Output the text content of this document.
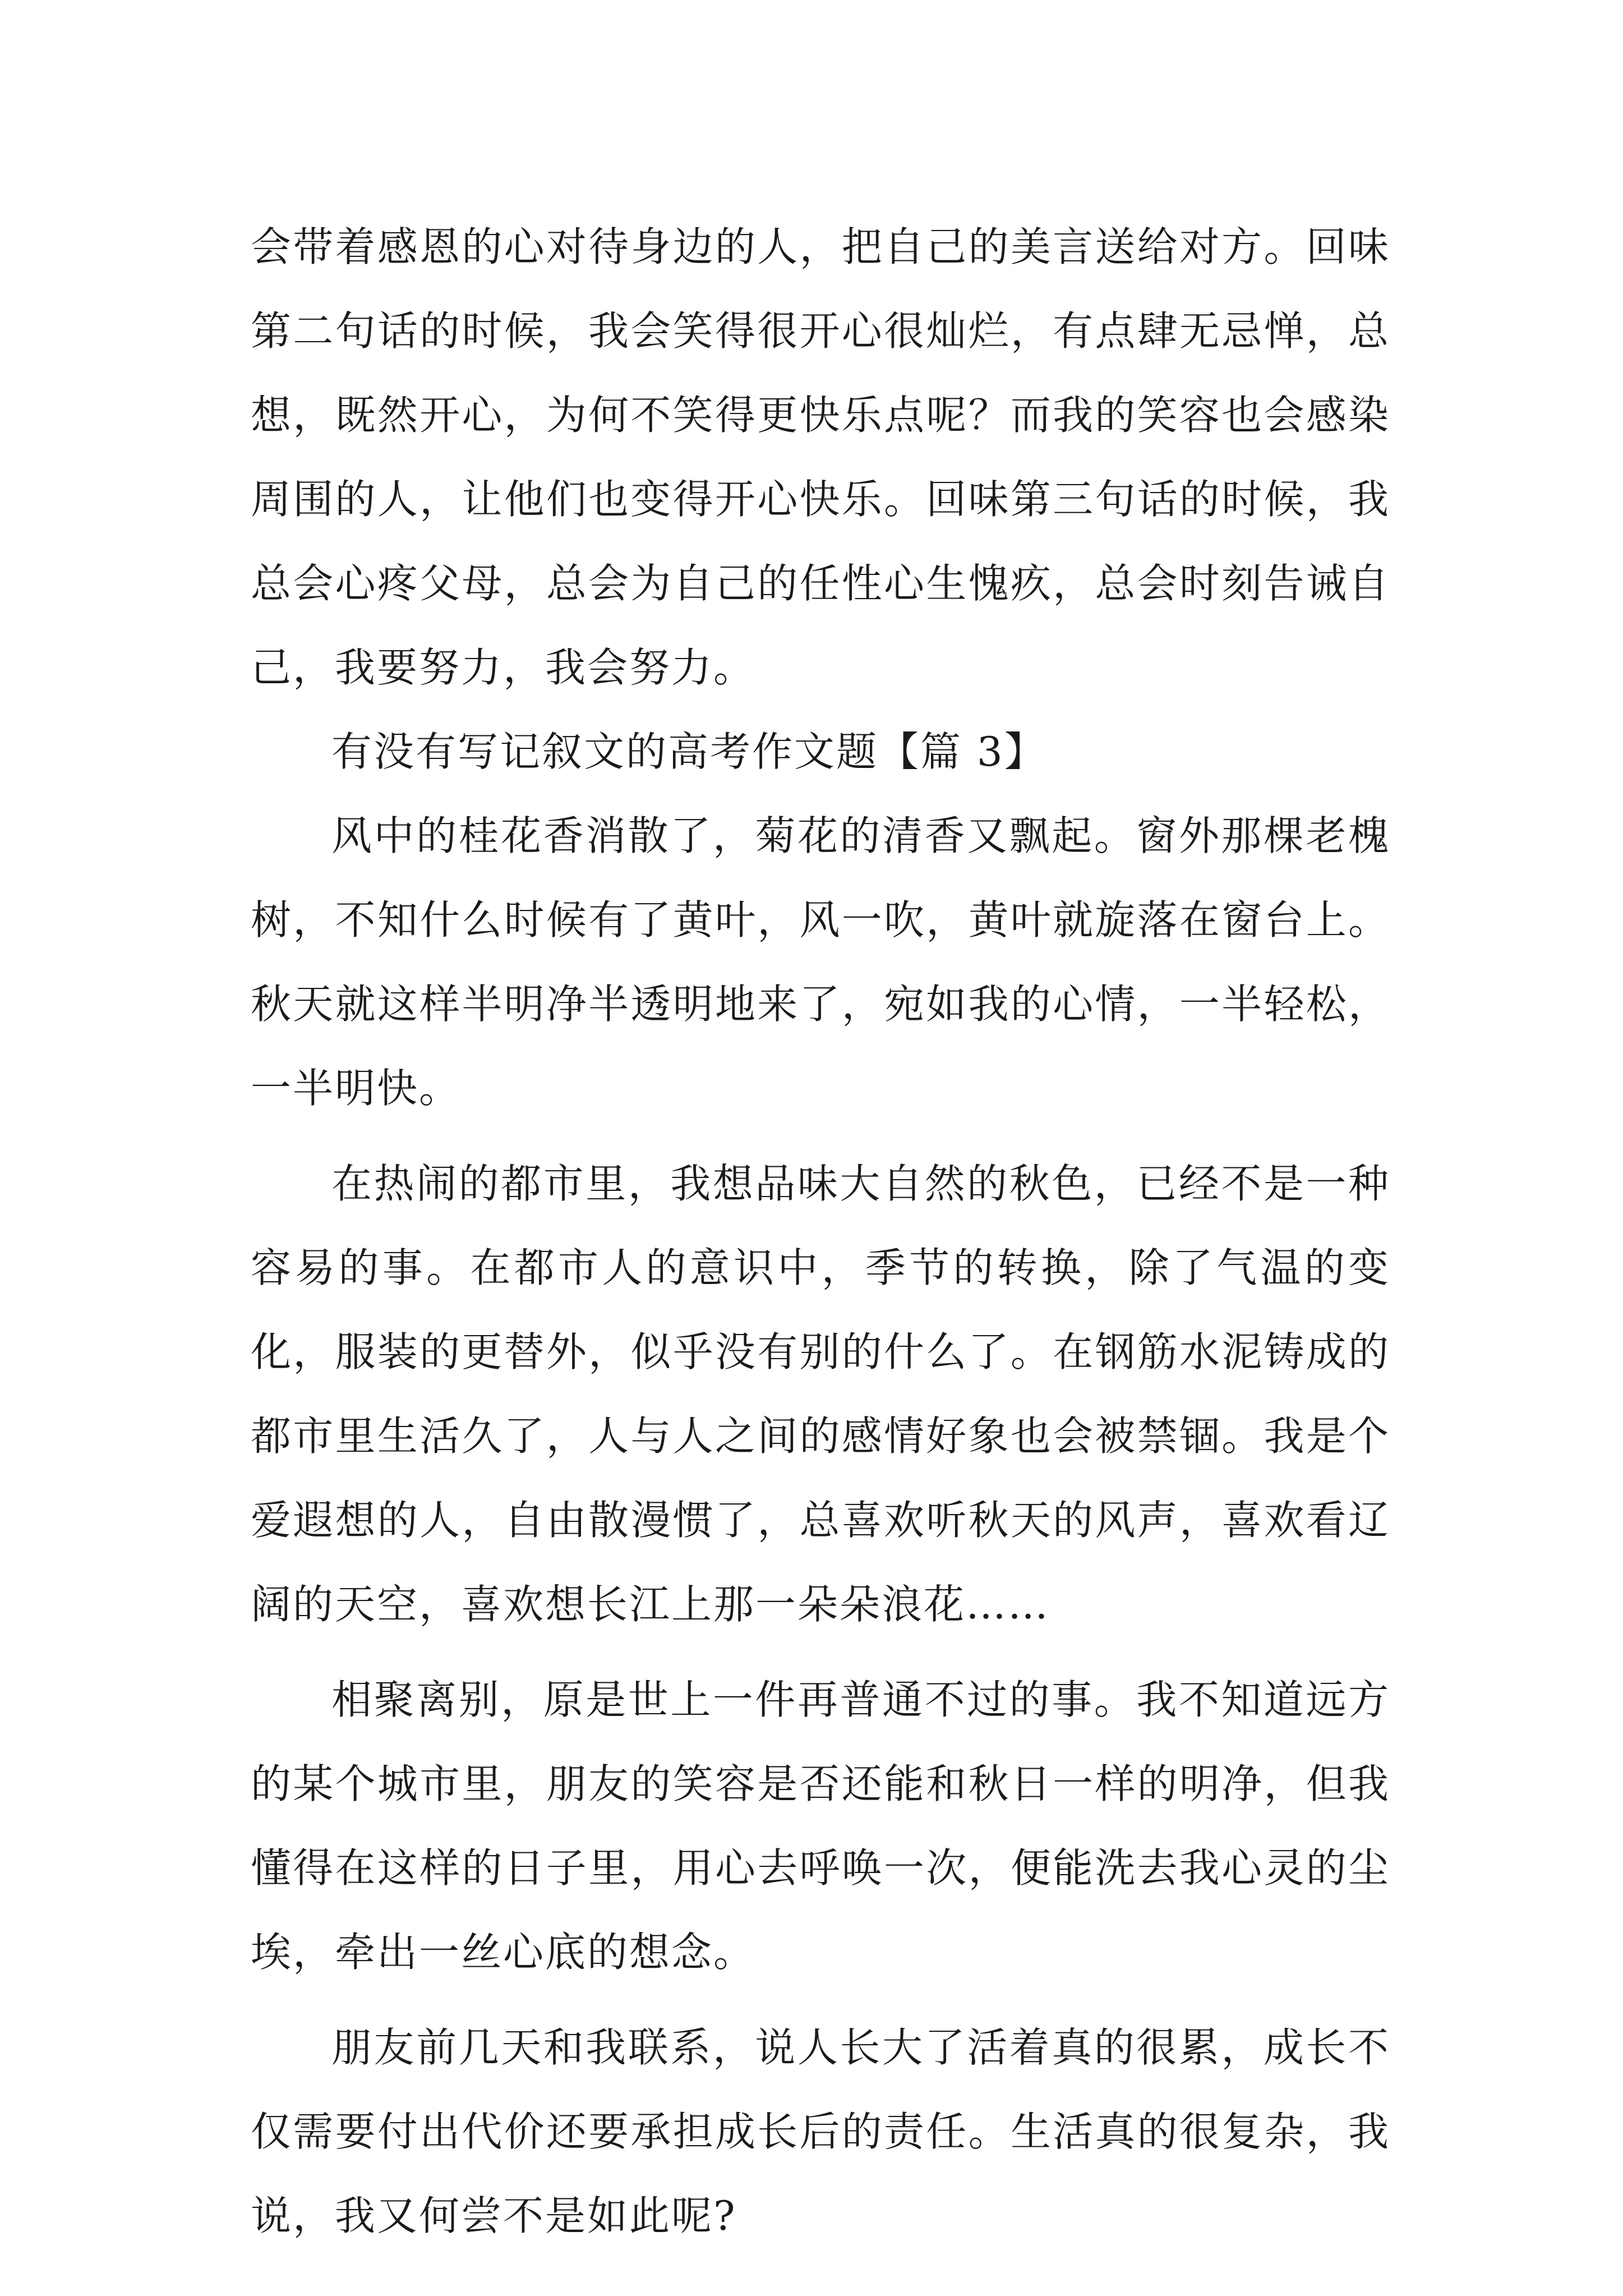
会带着感恩的心对待身边的人，把自己的美言送给对方。回味第二句话的时候，我会笑得很开心很灿烂，有点肆无忌惮，总想，既然开心，为何不笑得更快乐点呢？而我的笑容也会感染周围的人，让他们也变得开心快乐。回味第三句话的时候，我总会心疼父母，总会为自己的任性心生愧疚，总会时刻告诫自己，我要努力，我会努力。

有没有写记叙文的高考作文题【篇 3】

风中的桂花香消散了，菊花的清香又飘起。窗外那棵老槐树，不知什么时候有了黄叶，风一吹，黄叶就旋落在窗台上。秋天就这样半明净半透明地来了，宛如我的心情，一半轻松，一半明快。

在热闹的都市里，我想品味大自然的秋色，已经不是一种容易的事。在都市人的意识中，季节的转换，除了气温的变化，服装的更替外，似乎没有别的什么了。在钢筋水泥铸成的都市里生活久了，人与人之间的感情好象也会被禁锢。我是个爱遐想的人，自由散漫惯了，总喜欢听秋天的风声，喜欢看辽阔的天空，喜欢想长江上那一朵朵浪花……

相聚离别，原是世上一件再普通不过的事。我不知道远方的某个城市里，朋友的笑容是否还能和秋日一样的明净，但我懂得在这样的日子里，用心去呼唤一次，便能洗去我心灵的尘埃，牵出一丝心底的想念。

朋友前几天和我联系，说人长大了活着真的很累，成长不仅需要付出代价还要承担成长后的责任。生活真的很复杂，我说，我又何尝不是如此呢?
